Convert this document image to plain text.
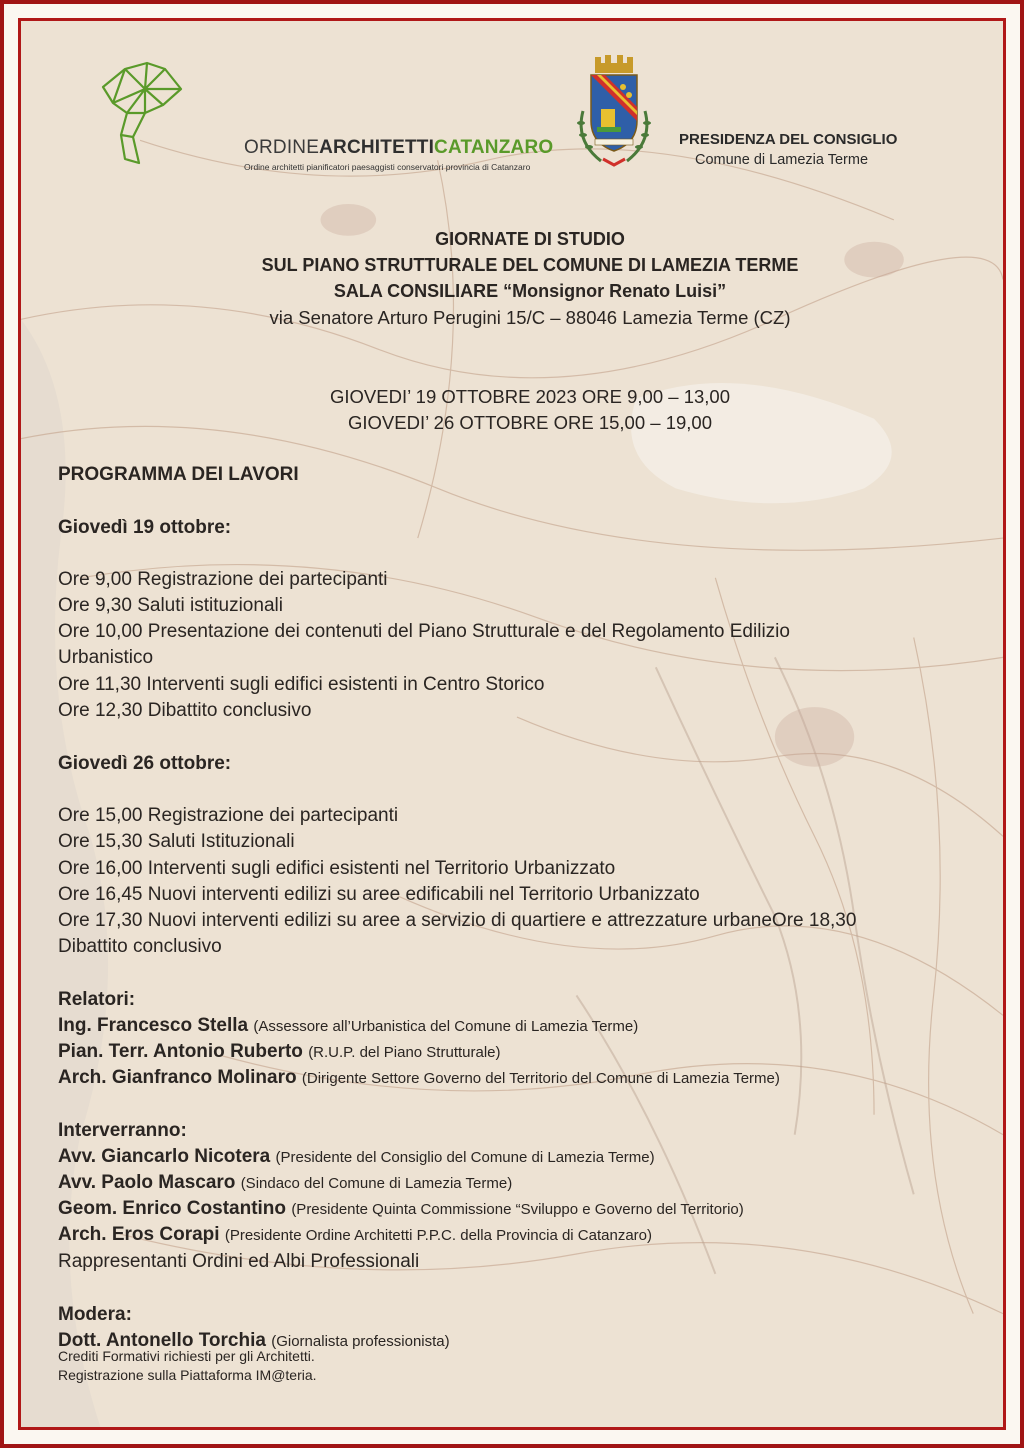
ORDINEARCHITETTICATANZARO
Ordine architetti pianificatori paesaggisti conservatori provincia di Catanzaro
PRESIDENZA DEL CONSIGLIO
Comune di Lamezia Terme
GIORNATE DI STUDIO
SUL PIANO STRUTTURALE DEL COMUNE DI LAMEZIA TERME
SALA CONSILIARE “Monsignor Renato Luisi”
via Senatore Arturo Perugini 15/C – 88046 Lamezia Terme (CZ)
GIOVEDI’ 19 OTTOBRE 2023 ORE 9,00 – 13,00
GIOVEDI’ 26 OTTOBRE ORE 15,00 – 19,00
PROGRAMMA DEI LAVORI
Giovedì 19 ottobre:
Ore 9,00 Registrazione dei partecipanti
Ore 9,30 Saluti istituzionali
Ore 10,00 Presentazione dei contenuti del Piano Strutturale e del Regolamento Edilizio
Urbanistico
Ore 11,30 Interventi sugli edifici esistenti in Centro Storico
Ore 12,30 Dibattito conclusivo
Giovedì 26 ottobre:
Ore 15,00 Registrazione dei partecipanti
Ore 15,30 Saluti Istituzionali
Ore 16,00 Interventi sugli edifici esistenti nel Territorio Urbanizzato
Ore 16,45 Nuovi interventi edilizi su aree edificabili nel Territorio Urbanizzato
Ore 17,30 Nuovi interventi edilizi su aree a servizio di quartiere e attrezzature urbaneOre 18,30
Dibattito conclusivo
Relatori:
Ing. Francesco Stella (Assessore all’Urbanistica del Comune di Lamezia Terme)
Pian. Terr. Antonio Ruberto (R.U.P. del Piano Strutturale)
Arch. Gianfranco Molinaro (Dirigente Settore Governo del Territorio del Comune di Lamezia Terme)
Interverranno:
Avv. Giancarlo Nicotera (Presidente del Consiglio del Comune di Lamezia Terme)
Avv. Paolo Mascaro (Sindaco del Comune di Lamezia Terme)
Geom. Enrico Costantino (Presidente Quinta Commissione “Sviluppo e Governo del Territorio)
Arch. Eros Corapi (Presidente Ordine Architetti P.P.C. della Provincia di Catanzaro)
Rappresentanti Ordini ed Albi Professionali
Modera:
Dott. Antonello Torchia (Giornalista professionista)
Crediti Formativi richiesti per gli Architetti.
Registrazione sulla Piattaforma IM@teria.
